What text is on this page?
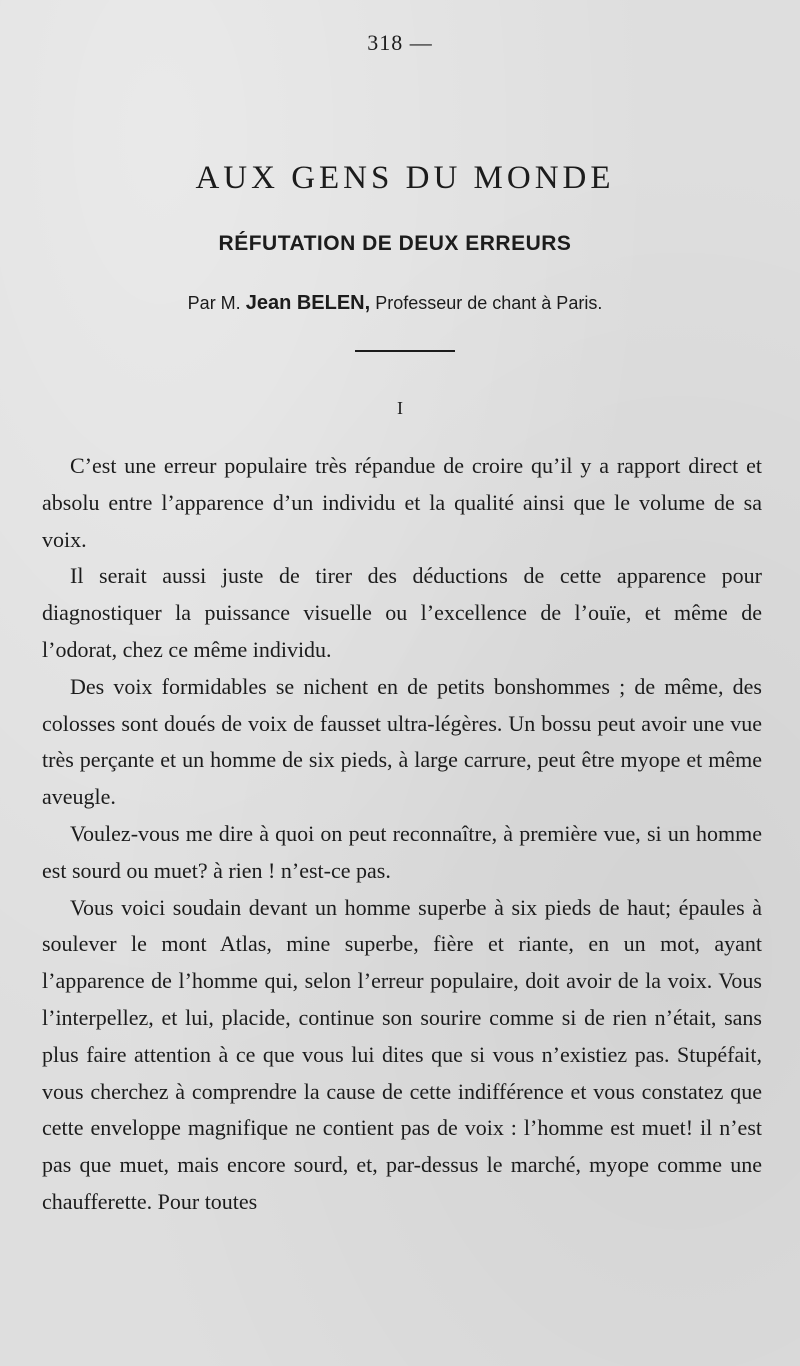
318 —
AUX GENS DU MONDE
RÉFUTATION DE DEUX ERREURS
Par M. Jean BELEN, Professeur de chant à Paris.
I

C’est une erreur populaire très répandue de croire qu’il y a rapport direct et absolu entre l’apparence d’un individu et la qualité ainsi que le volume de sa voix.

Il serait aussi juste de tirer des déductions de cette apparence pour diagnostiquer la puissance visuelle ou l’excellence de l’ouïe, et même de l’odorat, chez ce même individu.

Des voix formidables se nichent en de petits bonshommes ; de même, des colosses sont doués de voix de fausset ultra-légères. Un bossu peut avoir une vue très perçante et un homme de six pieds, à large carrure, peut être myope et même aveugle.

Voulez-vous me dire à quoi on peut reconnaître, à première vue, si un homme est sourd ou muet? à rien ! n’est-ce pas.

Vous voici soudain devant un homme superbe à six pieds de haut; épaules à soulever le mont Atlas, mine superbe, fière et riante, en un mot, ayant l’apparence de l’homme qui, selon l’erreur populaire, doit avoir de la voix. Vous l’interpellez, et lui, placide, continue son sourire comme si de rien n’était, sans plus faire attention à ce que vous lui dites que si vous n’existiez pas. Stupéfait, vous cherchez à comprendre la cause de cette indifférence et vous constatez que cette enveloppe magnifique ne contient pas de voix : l’homme est muet! il n’est pas que muet, mais encore sourd, et, par-dessus le marché, myope comme une chaufferette. Pour toutes
